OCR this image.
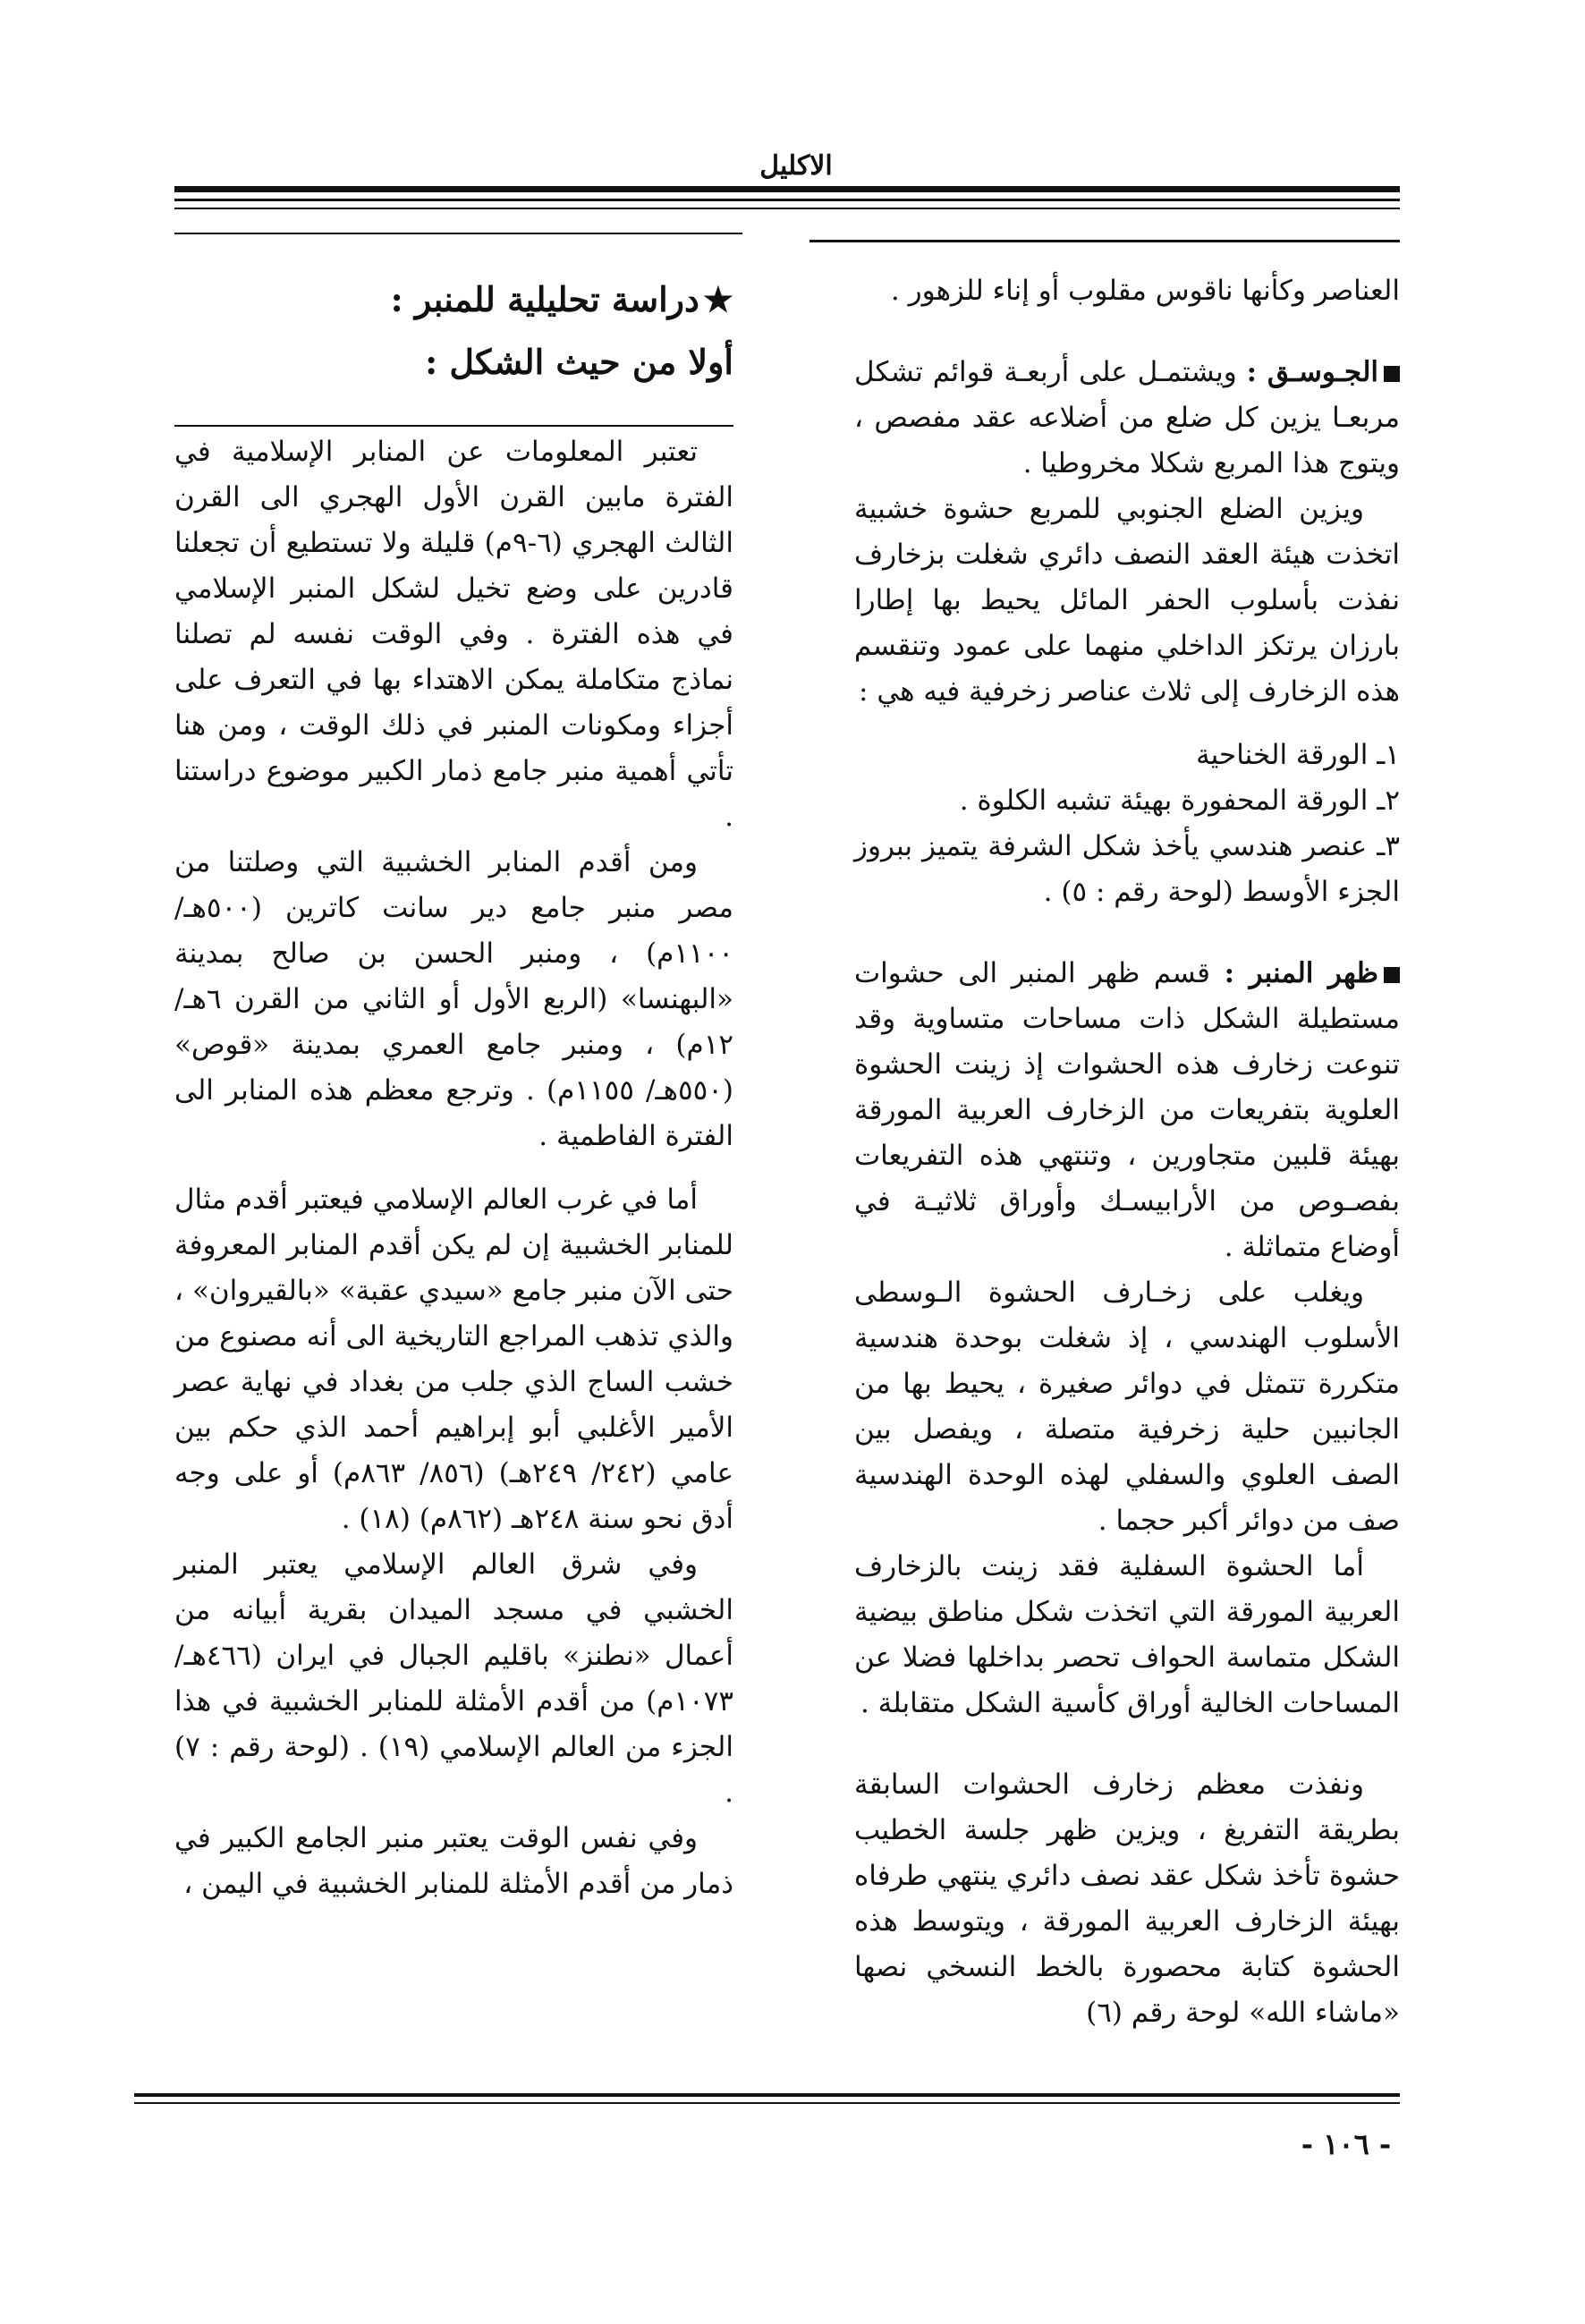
الاكليل

العناصر وكأنها ناقوس مقلوب أو إناء للزهور .

الجـوسـق : ويشتمـل على أربعـة قوائم تشكل مربعـا يزين كل ضلع من أضلاعه عقد مفصص ، ويتوج هذا المربع شكلا مخروطيا .

ويزين الضلع الجنوبي للمربع حشوة خشبية اتخذت هيئة العقد النصف دائري شغلت بزخارف نفذت بأسلوب الحفر المائل يحيط بها إطارا بارزان يرتكز الداخلي منهما على عمود وتنقسم هذه الزخارف إلى ثلاث عناصر زخرفية فيه هي :

١ـ الورقة الخناحية

٢ـ الورقة المحفورة بهيئة تشبه الكلوة .

٣ـ عنصر هندسي يأخذ شكل الشرفة يتميز ببروز الجزء الأوسط (لوحة رقم : ٥) .

ظهر المنبر : قسم ظهر المنبر الى حشوات مستطيلة الشكل ذات مساحات متساوية وقد تنوعت زخارف هذه الحشوات إذ زينت الحشوة العلوية بتفريعات من الزخارف العربية المورقة بهيئة قلبين متجاورين ، وتنتهي هذه التفريعات بفصـوص من الأرابيسـك وأوراق ثلاثيـة في أوضاع متماثلة .

ويغلب على زخـارف الحشوة الـوسطى الأسلوب الهندسي ، إذ شغلت بوحدة هندسية متكررة تتمثل في دوائر صغيرة ، يحيط بها من الجانبين حلية زخرفية متصلة ، ويفصل بين الصف العلوي والسفلي لهذه الوحدة الهندسية صف من دوائر أكبر حجما .

أما الحشوة السفلية فقد زينت بالزخارف العربية المورقة التي اتخذت شكل مناطق بيضية الشكل متماسة الحواف تحصر بداخلها فضلا عن المساحات الخالية أوراق كأسية الشكل متقابلة .

ونفذت معظم زخارف الحشوات السابقة بطريقة التفريغ ، ويزين ظهر جلسة الخطيب حشوة تأخذ شكل عقد نصف دائري ينتهي طرفاه بهيئة الزخارف العربية المورقة ، ويتوسط هذه الحشوة كتابة محصورة بالخط النسخي نصها «ماشاء الله» لوحة رقم (٦)

★دراسة تحليلية للمنبر :

أولا من حيث الشكل :

تعتبر المعلومات عن المنابر الإسلامية في الفترة مابين القرن الأول الهجري الى القرن الثالث الهجري (٦-٩م) قليلة ولا تستطيع أن تجعلنا قادرين على وضع تخيل لشكل المنبر الإسلامي في هذه الفترة . وفي الوقت نفسه لم تصلنا نماذج متكاملة يمكن الاهتداء بها في التعرف على أجزاء ومكونات المنبر في ذلك الوقت ، ومن هنا تأتي أهمية منبر جامع ذمار الكبير موضوع دراستنا .

ومن أقدم المنابر الخشبية التي وصلتنا من مصر منبر جامع دير سانت كاترين (٥٠٠هـ/ ١١٠٠م) ، ومنبر الحسن بن صالح بمدينة «البهنسا» (الربع الأول أو الثاني من القرن ٦هـ/ ١٢م) ، ومنبر جامع العمري بمدينة «قوص» (٥٥٠هـ/ ١١٥٥م) . وترجع معظم هذه المنابر الى الفترة الفاطمية .

أما في غرب العالم الإسلامي فيعتبر أقدم مثال للمنابر الخشبية إن لم يكن أقدم المنابر المعروفة حتى الآن منبر جامع «سيدي عقبة» «بالقيروان» ، والذي تذهب المراجع التاريخية الى أنه مصنوع من خشب الساج الذي جلب من بغداد في نهاية عصر الأمير الأغلبي أبو إبراهيم أحمد الذي حكم بين عامي (٢٤٢/ ٢٤٩هـ) (٨٥٦/ ٨٦٣م) أو على وجه أدق نحو سنة ٢٤٨هـ (٨٦٢م) (١٨) .

وفي شرق العالم الإسلامي يعتبر المنبر الخشبي في مسجد الميدان بقرية أبيانه من أعمال «نطنز» باقليم الجبال في ايران (٤٦٦هـ/ ١٠٧٣م) من أقدم الأمثلة للمنابر الخشبية في هذا الجزء من العالم الإسلامي (١٩) . (لوحة رقم : ٧) .

وفي نفس الوقت يعتبر منبر الجامع الكبير في ذمار من أقدم الأمثلة للمنابر الخشبية في اليمن ،

- ١٠٦ -
